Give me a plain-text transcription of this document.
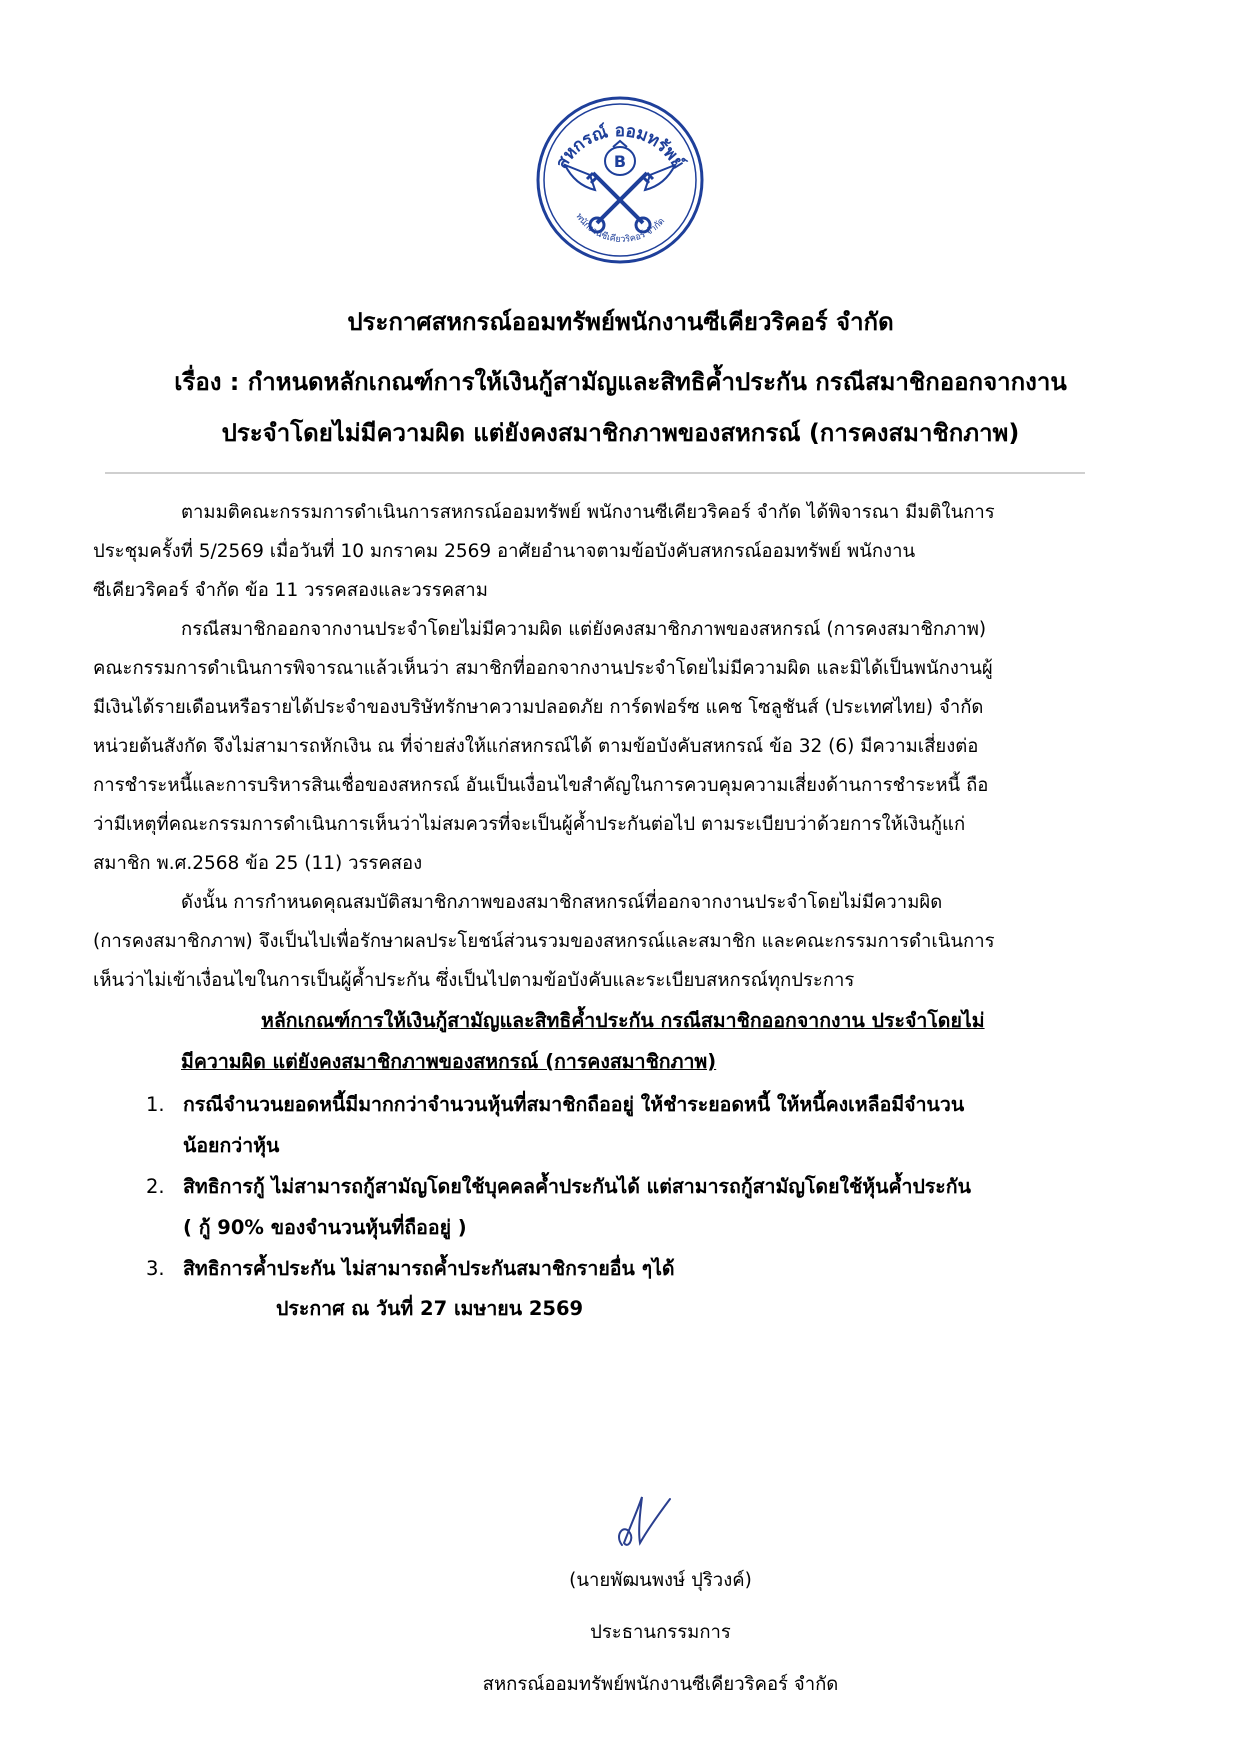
สหกรณ์ ออมทรัพย์
พนักงานซีเคียวริคอร์ จำกัด
B
ประกาศสหกรณ์ออมทรัพย์พนักงานซีเคียวริคอร์ จำกัด
เรื่อง : กำหนดหลักเกณฑ์การให้เงินกู้สามัญและสิทธิค้ำประกัน กรณีสมาชิกออกจากงาน
ประจำโดยไม่มีความผิด แต่ยังคงสมาชิกภาพของสหกรณ์ (การคงสมาชิกภาพ)

ตามมติคณะกรรมการดำเนินการสหกรณ์ออมทรัพย์ พนักงานซีเคียวริคอร์ จำกัด ได้พิจารณา มีมติในการ
ประชุมครั้งที่ 5/2569 เมื่อวันที่ 10 มกราคม 2569 อาศัยอำนาจตามข้อบังคับสหกรณ์ออมทรัพย์ พนักงาน
ซีเคียวริคอร์ จำกัด ข้อ 11 วรรคสองและวรรคสาม

กรณีสมาชิกออกจากงานประจำโดยไม่มีความผิด แต่ยังคงสมาชิกภาพของสหกรณ์ (การคงสมาชิกภาพ)
คณะกรรมการดำเนินการพิจารณาแล้วเห็นว่า สมาชิกที่ออกจากงานประจำโดยไม่มีความผิด และมิได้เป็นพนักงานผู้
มีเงินได้รายเดือนหรือรายได้ประจำของบริษัทรักษาความปลอดภัย การ์ดฟอร์ซ แคช โซลูชันส์ (ประเทศไทย) จำกัด
หน่วยต้นสังกัด จึงไม่สามารถหักเงิน ณ ที่จ่ายส่งให้แก่สหกรณ์ได้ ตามข้อบังคับสหกรณ์ ข้อ 32 (6) มีความเสี่ยงต่อ
การชำระหนี้และการบริหารสินเชื่อของสหกรณ์ อันเป็นเงื่อนไขสำคัญในการควบคุมความเสี่ยงด้านการชำระหนี้ ถือ
ว่ามีเหตุที่คณะกรรมการดำเนินการเห็นว่าไม่สมควรที่จะเป็นผู้ค้ำประกันต่อไป ตามระเบียบว่าด้วยการให้เงินกู้แก่
สมาชิก พ.ศ.2568 ข้อ 25 (11) วรรคสอง

ดังนั้น การกำหนดคุณสมบัติสมาชิกภาพของสมาชิกสหกรณ์ที่ออกจากงานประจำโดยไม่มีความผิด
(การคงสมาชิกภาพ) จึงเป็นไปเพื่อรักษาผลประโยชน์ส่วนรวมของสหกรณ์และสมาชิก และคณะกรรมการดำเนินการ
เห็นว่าไม่เข้าเงื่อนไขในการเป็นผู้ค้ำประกัน ซึ่งเป็นไปตามข้อบังคับและระเบียบสหกรณ์ทุกประการ

หลักเกณฑ์การให้เงินกู้สามัญและสิทธิค้ำประกัน กรณีสมาชิกออกจากงาน ประจำโดยไม่
มีความผิด แต่ยังคงสมาชิกภาพของสหกรณ์ (การคงสมาชิกภาพ)
1. กรณีจำนวนยอดหนี้มีมากกว่าจำนวนหุ้นที่สมาชิกถืออยู่ ให้ชำระยอดหนี้ ให้หนี้คงเหลือมีจำนวน
น้อยกว่าหุ้น
2. สิทธิการกู้ ไม่สามารถกู้สามัญโดยใช้บุคคลค้ำประกันได้ แต่สามารถกู้สามัญโดยใช้หุ้นค้ำประกัน
( กู้ 90% ของจำนวนหุ้นที่ถืออยู่ )
3. สิทธิการค้ำประกัน ไม่สามารถค้ำประกันสมาชิกรายอื่น ๆได้
ประกาศ ณ วันที่ 27 เมษายน 2569
(นายพัฒนพงษ์ ปุริวงค์)
ประธานกรรมการ
สหกรณ์ออมทรัพย์พนักงานซีเคียวริคอร์ จำกัด
